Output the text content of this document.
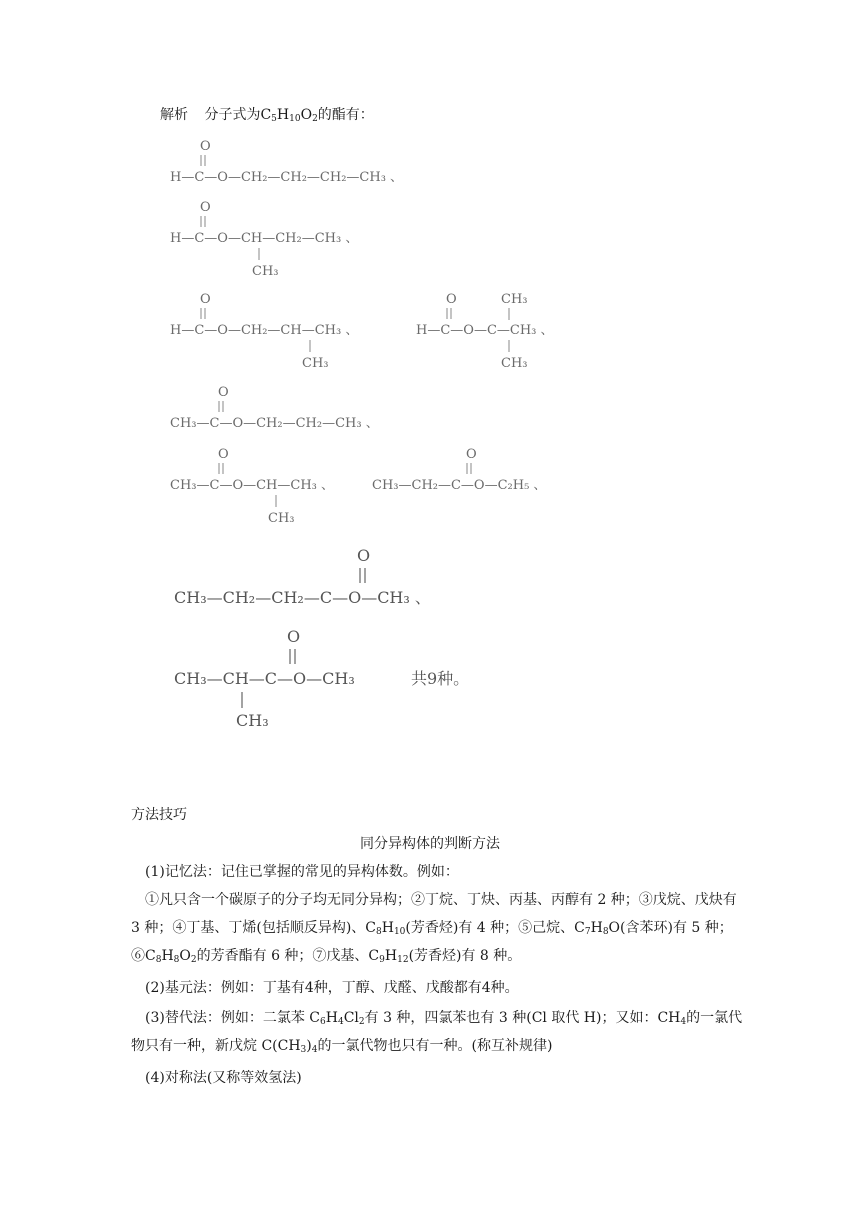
解析 分子式为$C_5H_{10}O_2$的酯有：
O
H—C—O—CH₂—CH₂—CH₂—CH₃ 、
O
H—C—O—CH—CH₂—CH₃ 、
CH₃
O
H—C—O—CH₂—CH—CH₃ 、
CH₃
O	CH₃
H—C—O—C—CH₃ 、
CH₃
O
CH₃—C—O—CH₂—CH₂—CH₃ 、
O
CH₃—C—O—CH—CH₃ 、
CH₃
O
CH₃—CH₂—C—O—C₂H₅ 、
O
CH₃—CH₂—CH₂—C—O—CH₃ 、
O
CH₃—CH—C—O—CH₃	共9种。
CH₃
方法技巧
同分异构体的判断方法
(1)记忆法：记住已掌握的常见的异构体数。例如：
①凡只含一个碳原子的分子均无同分异构；②丁烷、丁炔、丙基、丙醇有 2 种；③戊烷、戊炔有 3 种；④丁基、丁烯(包括顺反异构)、$C_8H_{10}$(芳香烃)有 4 种；⑤己烷、$C_7H_8O$(含苯环)有 5 种；$⑥C_8H_8O_2$的芳香酯有 6 种；⑦戊基、$C_9H_{12}$(芳香烃)有 8 种。
(2)基元法：例如：丁基有4种，丁醇、戊醛、戊酸都有4种。
(3)替代法：例如：二氯苯 $C_6H_4Cl_2$有 3 种，四氯苯也有 3 种(Cl 取代 H)；又如：$CH_4$的一氯代物只有一种，新戊烷 $C(CH_3)_4$的一氯代物也只有一种。(称互补规律)
(4)对称法(又称等效氢法)
